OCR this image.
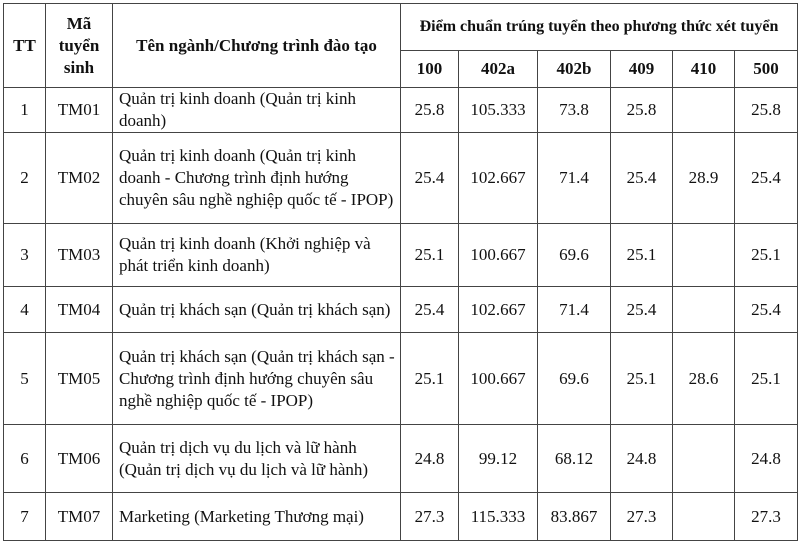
TT	Mã tuyển sinh	Tên ngành/Chương trình đào tạo	Điểm chuẩn trúng tuyển theo phương thức xét tuyển					
			100	402a	402b	409	410	500
1	TM01	Quản trị kinh doanh (Quản trị kinh doanh)	25.8	105.333	73.8	25.8		25.8
2	TM02	Quản trị kinh doanh (Quản trị kinh doanh - Chương trình định hướng chuyên sâu nghề nghiệp quốc tế - IPOP)	25.4	102.667	71.4	25.4	28.9	25.4
3	TM03	Quản trị kinh doanh (Khởi nghiệp và phát triển kinh doanh)	25.1	100.667	69.6	25.1		25.1
4	TM04	Quản trị khách sạn (Quản trị khách sạn)	25.4	102.667	71.4	25.4		25.4
5	TM05	Quản trị khách sạn (Quản trị khách sạn - Chương trình định hướng chuyên sâu nghề nghiệp quốc tế - IPOP)	25.1	100.667	69.6	25.1	28.6	25.1
6	TM06	Quản trị dịch vụ du lịch và lữ hành (Quản trị dịch vụ du lịch và lữ hành)	24.8	99.12	68.12	24.8		24.8
7	TM07	Marketing (Marketing Thương mại)	27.3	115.333	83.867	27.3		27.3
